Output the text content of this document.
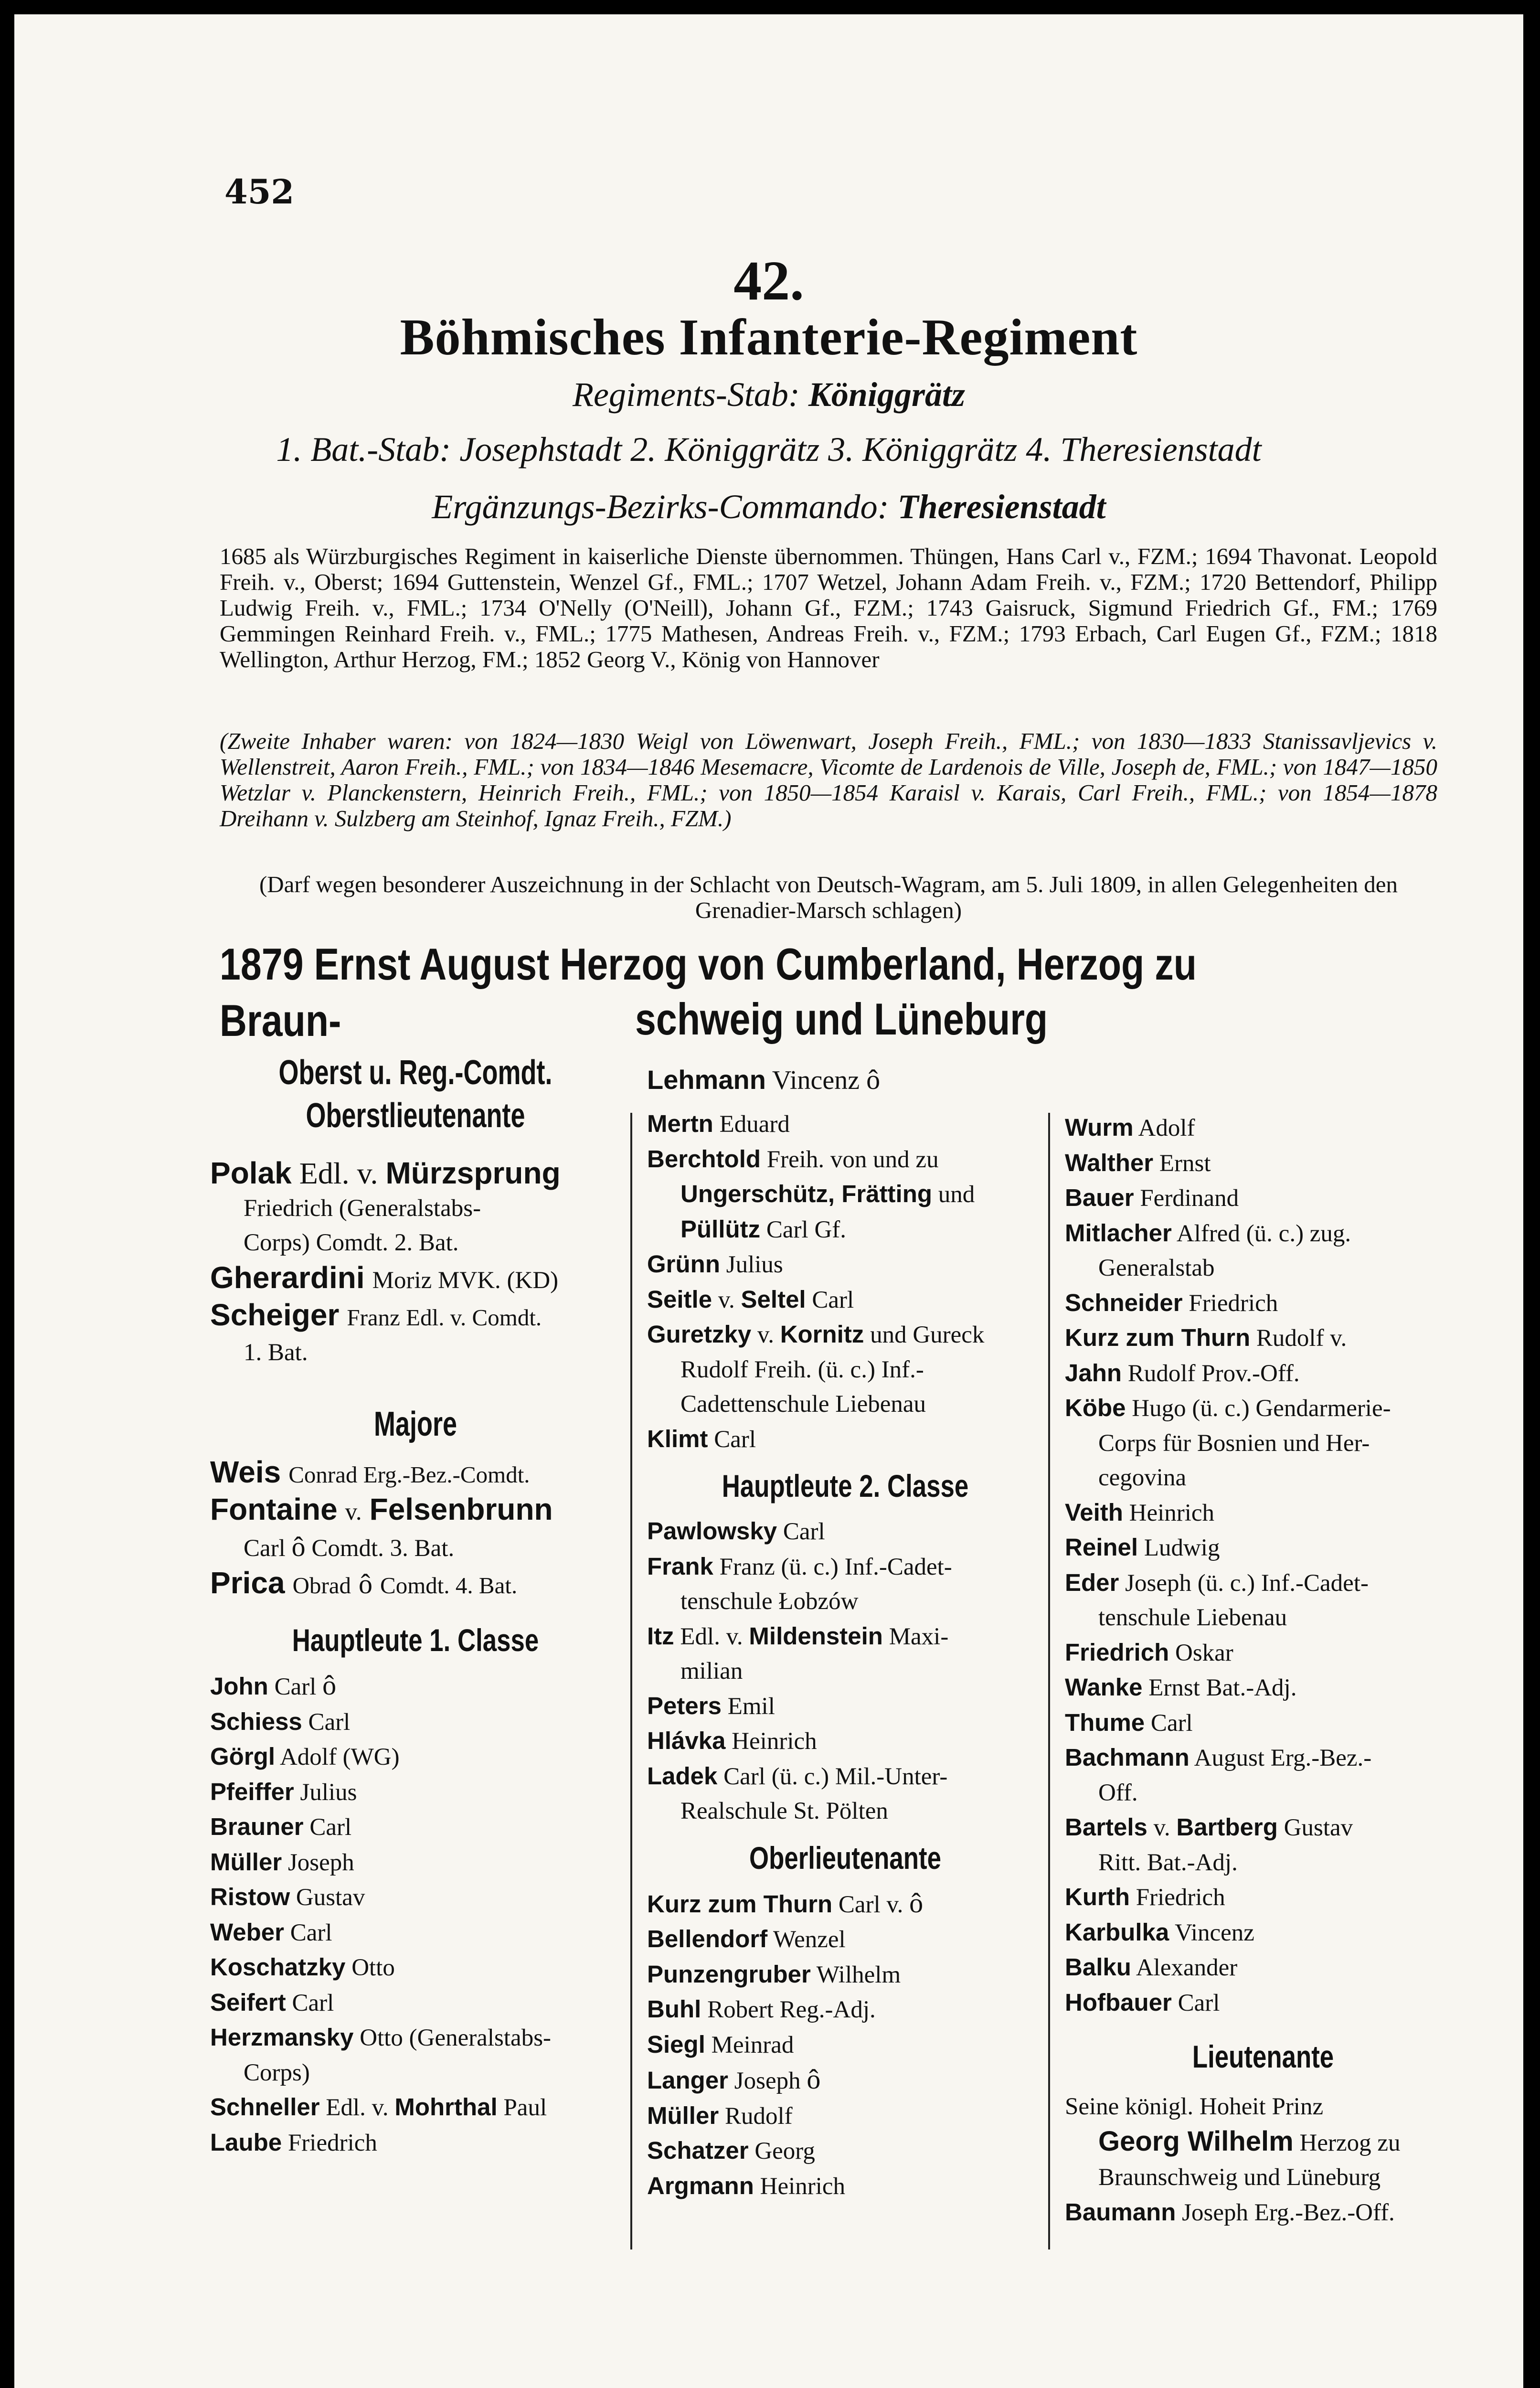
452
42.
Böhmisches Infanterie-Regiment
Regiments-Stab: Königgrätz
1. Bat.-Stab: Josephstadt 2. Königgrätz 3. Königgrätz 4. Theresienstadt
Ergänzungs-Bezirks-Commando: Theresienstadt
1685 als Würzburgisches Regiment in kaiserliche Dienste übernommen. Thüngen, Hans Carl v., FZM.; 1694 Thavonat. Leopold Freih. v., Oberst; 1694 Guttenstein, Wenzel Gf., FML.; 1707 Wetzel, Johann Adam Freih. v., FZM.; 1720 Bettendorf, Philipp Ludwig Freih. v., FML.; 1734 O'Nelly (O'Neill), Johann Gf., FZM.; 1743 Gaisruck, Sigmund Friedrich Gf., FM.; 1769 Gemmingen Reinhard Freih. v., FML.; 1775 Mathesen, Andreas Freih. v., FZM.; 1793 Erbach, Carl Eugen Gf., FZM.; 1818 Wellington, Arthur Herzog, FM.; 1852 Georg V., König von Hannover
(Zweite Inhaber waren: von 1824—1830 Weigl von Löwenwart, Joseph Freih., FML.; von 1830—1833 Stanissavljevics v. Wellenstreit, Aaron Freih., FML.; von 1834—1846 Mesemacre, Vicomte de Lardenois de Ville, Joseph de, FML.; von 1847—1850 Wetzlar v. Planckenstern, Heinrich Freih., FML.; von 1850—1854 Karaisl v. Karais, Carl Freih., FML.; von 1854—1878 Dreihann v. Sulzberg am Steinhof, Ignaz Freih., FZM.)
(Darf wegen besonderer Auszeichnung in der Schlacht von Deutsch-Wagram, am 5. Juli 1809, in allen Gelegenheiten den Grenadier-Marsch schlagen)
1879 Ernst August Herzog von Cumberland, Herzog zu Braun-	schweig und Lüneburg
Oberst u. Reg.-Comdt.
Oberstlieutenante
Polak Edl. v. Mürzsprung
Friedrich (Generalstabs-
Corps) Comdt. 2. Bat.
Gherardini Moriz MVK. (KD)
Scheiger Franz Edl. v. Comdt.
1. Bat.
Majore
Weis Conrad Erg.-Bez.-Comdt.
Fontaine v. Felsenbrunn
Carl ô Comdt. 3. Bat.
Prica Obrad ô Comdt. 4. Bat.
Hauptleute 1. Classe
John Carl ô
Schiess Carl
Görgl Adolf (WG)
Pfeiffer Julius
Brauner Carl
Müller Joseph
Ristow Gustav
Weber Carl
Koschatzky Otto
Seifert Carl
Herzmansky Otto (Generalstabs-
Corps)
Schneller Edl. v. Mohrthal Paul
Laube Friedrich
Lehmann Vincenz ô
Mertn Eduard
Berchtold Freih. von und zu
Ungerschütz, Frätting und
Püllütz Carl Gf.
Grünn Julius
Seitle v. Seltel Carl
Guretzky v. Kornitz und Gureck
Rudolf Freih. (ü. c.) Inf.-
Cadettenschule Liebenau
Klimt Carl
Hauptleute 2. Classe
Pawlowsky Carl
Frank Franz (ü. c.) Inf.-Cadet-
tenschule Łobzów
Itz Edl. v. Mildenstein Maxi-
milian
Peters Emil
Hlávka Heinrich
Ladek Carl (ü. c.) Mil.-Unter-
Realschule St. Pölten
Oberlieutenante
Kurz zum Thurn Carl v. ô
Bellendorf Wenzel
Punzengruber Wilhelm
Buhl Robert Reg.-Adj.
Siegl Meinrad
Langer Joseph ô
Müller Rudolf
Schatzer Georg
Argmann Heinrich
Wurm Adolf
Walther Ernst
Bauer Ferdinand
Mitlacher Alfred (ü. c.) zug.
Generalstab
Schneider Friedrich
Kurz zum Thurn Rudolf v.
Jahn Rudolf Prov.-Off.
Köbe Hugo (ü. c.) Gendarmerie-
Corps für Bosnien und Her-
cegovina
Veith Heinrich
Reinel Ludwig
Eder Joseph (ü. c.) Inf.-Cadet-
tenschule Liebenau
Friedrich Oskar
Wanke Ernst Bat.-Adj.
Thume Carl
Bachmann August Erg.-Bez.-
Off.
Bartels v. Bartberg Gustav
Ritt. Bat.-Adj.
Kurth Friedrich
Karbulka Vincenz
Balku Alexander
Hofbauer Carl
Lieutenante
Seine königl. Hoheit Prinz
Georg Wilhelm Herzog zu
Braunschweig und Lüneburg
Baumann Joseph Erg.-Bez.-Off.
